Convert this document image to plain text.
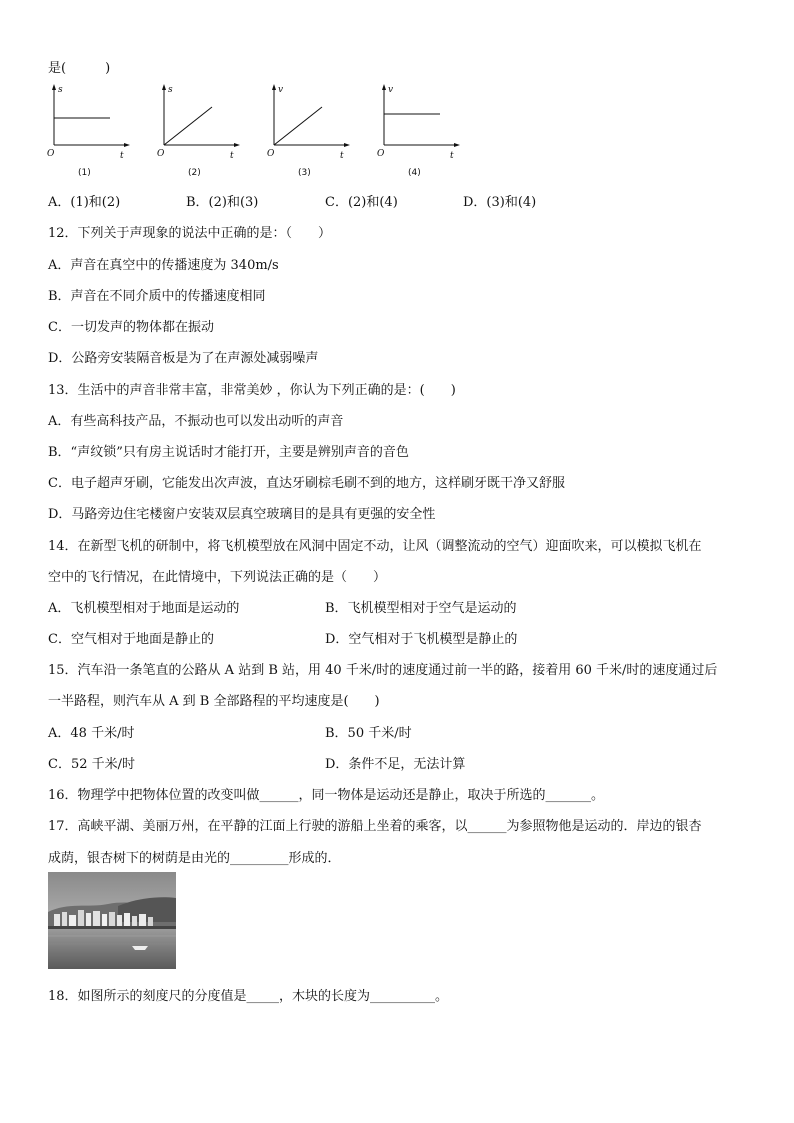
是(　　　)
s
O	t
(1)
s
O	t
(2)
v
O	t
(3)
v
O	t
(4)
A．(1)和(2)	B．(2)和(3)	C．(2)和(4)	D．(3)和(4)
12．下列关于声现象的说法中正确的是：（　　）
A．声音在真空中的传播速度为 340m/s
B．声音在不同介质中的传播速度相同
C．一切发声的物体都在振动
D．公路旁安装隔音板是为了在声源处减弱噪声
13．生活中的声音非常丰富，非常美妙 ，你认为下列正确的是：(　　)
A．有些高科技产品，不振动也可以发出动听的声音
B．“声纹锁”只有房主说话时才能打开，主要是辨别声音的音色
C．电子超声牙刷，它能发出次声波，直达牙刷棕毛刷不到的地方，这样刷牙既干净又舒服
D．马路旁边住宅楼窗户安装双层真空玻璃目的是具有更强的安全性
14．在新型飞机的研制中，将飞机模型放在风洞中固定不动，让风（调整流动的空气）迎面吹来，可以模拟飞机在
空中的飞行情况，在此情境中，下列说法正确的是（　　）
A．飞机模型相对于地面是运动的	B．飞机模型相对于空气是运动的
C．空气相对于地面是静止的	D．空气相对于飞机模型是静止的
15．汽车沿一条笔直的公路从 A 站到 B 站，用 40 千米/时的速度通过前一半的路，接着用 60 千米/时的速度通过后
一半路程，则汽车从 A 到 B 全部路程的平均速度是(　　)
A．48 千米/时	B．50 千米/时
C．52 千米/时	D．条件不足，无法计算
16．物理学中把物体位置的改变叫做______，同一物体是运动还是静止，取决于所选的_______。
17．高峡平湖、美丽万州，在平静的江面上行驶的游船上坐着的乘客，以______为参照物他是运动的．岸边的银杏
成荫，银杏树下的树荫是由光的_________形成的．
18．如图所示的刻度尺的分度值是_____，木块的长度为__________。
